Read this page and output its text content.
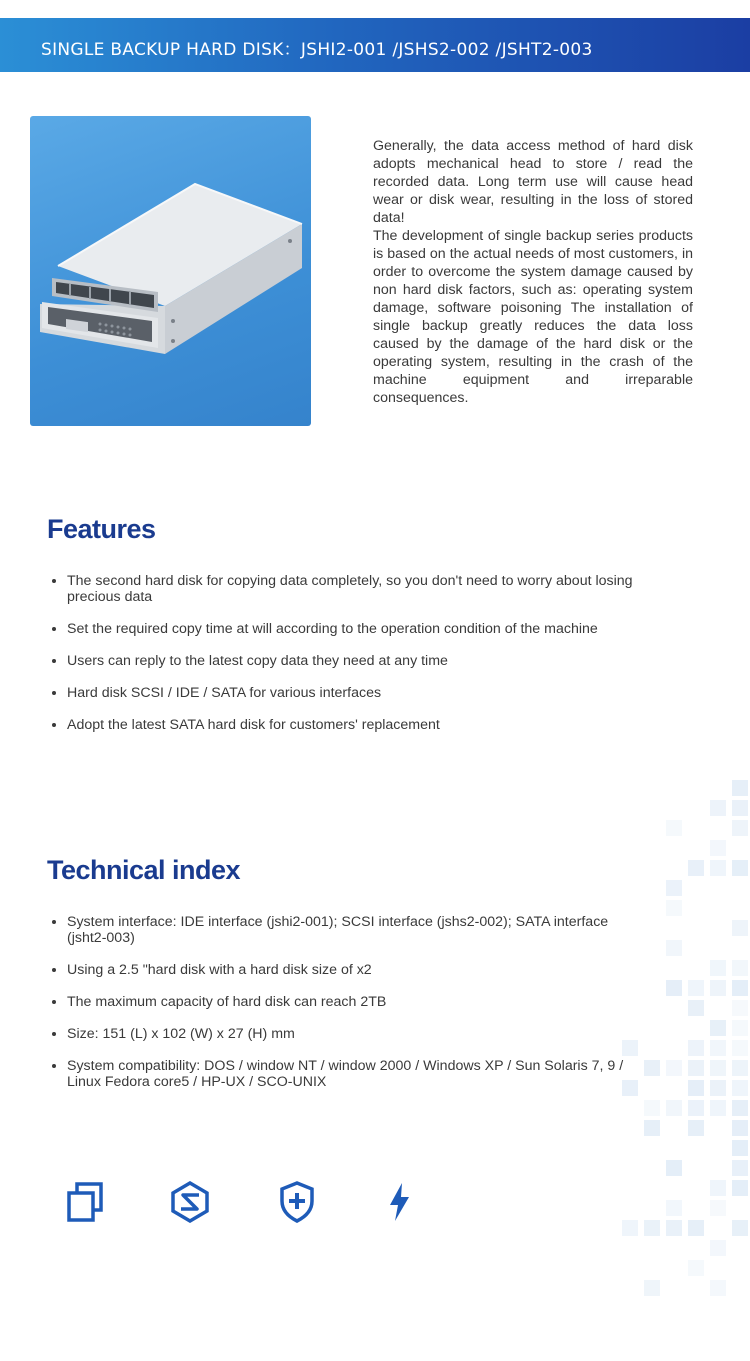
SINGLE BACKUP HARD DISK：JSHI2-001 /JSHS2-002 /JSHT2-003

Generally, the data access method of hard disk adopts mechanical head to store / read the recorded data. Long term use will cause head wear or disk wear, resulting in the loss of stored data!

The development of single backup series products is based on the actual needs of most customers, in order to overcome the system damage caused by non hard disk factors, such as: operating system damage, software poisoning The installation of single backup greatly reduces the data loss caused by the damage of the hard disk or the operating system, resulting in the crash of the machine equipment and irreparable consequences.

Features
The second hard disk for copying data completely, so you don't need to worry about losing precious data
Set the required copy time at will according to the operation condition of the machine
Users can reply to the latest copy data they need at any time
Hard disk SCSI / IDE / SATA for various interfaces
Adopt the latest SATA hard disk for customers' replacement
Technical index
System interface: IDE interface (jshi2-001); SCSI interface (jshs2-002); SATA interface (jsht2-003)
Using a 2.5 "hard disk with a hard disk size of x2
The maximum capacity of hard disk can reach 2TB
Size: 151 (L) x 102 (W) x 27 (H) mm
System compatibility: DOS / window NT / window 2000 / Windows XP / Sun Solaris 7, 9 / Linux Fedora core5 / HP-UX / SCO-UNIX
